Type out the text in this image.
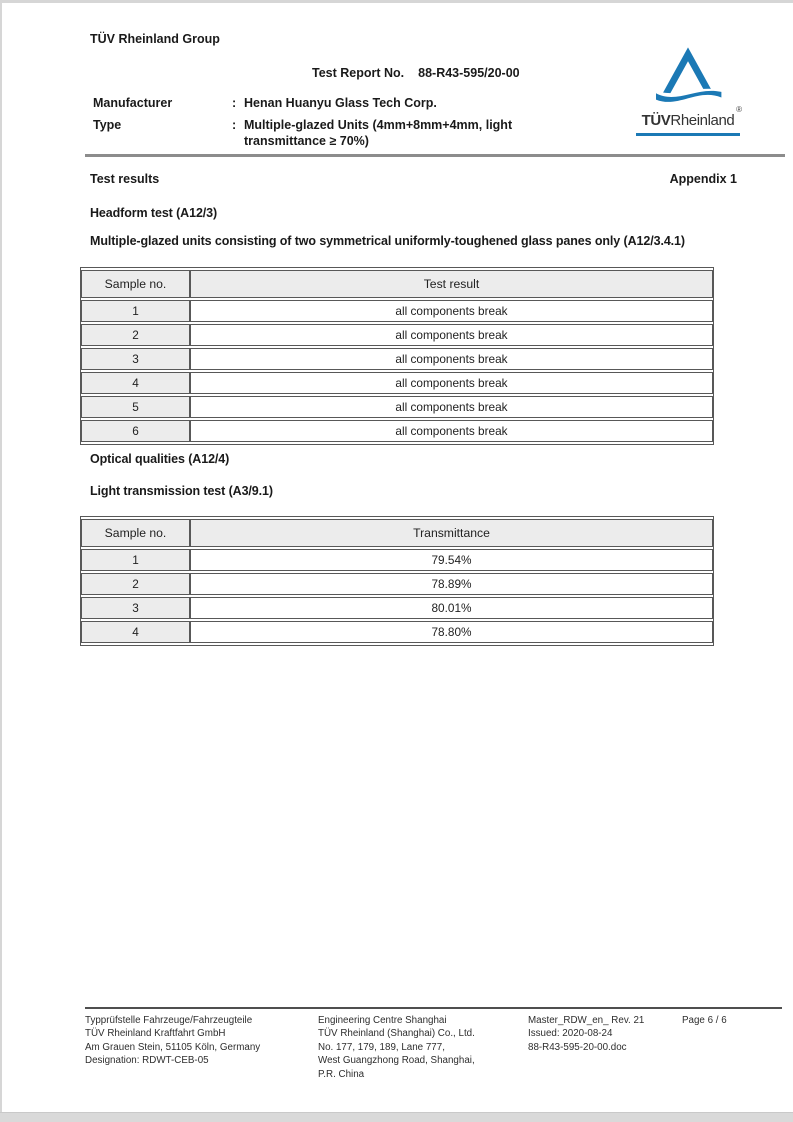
TÜV Rheinland Group
TÜVRheinland
®
Test Report No. 88-R43-595/20-00
Manufacturer	: Henan Huanyu Glass Tech Corp.
Type	: Multiple-glazed Units (4mm+8mm+4mm, light transmittance ≥ 70%)
Test results	Appendix 1
Headform test (A12/3)
Multiple-glazed units consisting of two symmetrical uniformly-toughened glass panes only (A12/3.4.1)
Sample no.	Test result
1	all components break
2	all components break
3	all components break
4	all components break
5	all components break
6	all components break
Optical qualities (A12/4)
Light transmission test (A3/9.1)
Sample no.	Transmittance
1	79.54%
2	78.89%
3	80.01%
4	78.80%
Typprüfstelle Fahrzeuge/Fahrzeugteile
TÜV Rheinland Kraftfahrt GmbH
Am Grauen Stein, 51105 Köln, Germany
Designation: RDWT-CEB-05
Engineering Centre Shanghai
TÜV Rheinland (Shanghai) Co., Ltd.
No. 177, 179, 189, Lane 777,
West Guangzhong Road, Shanghai,
P.R. China
Master_RDW_en_ Rev. 21
Issued: 2020-08-24
88-R43-595-20-00.doc
Page 6 / 6
